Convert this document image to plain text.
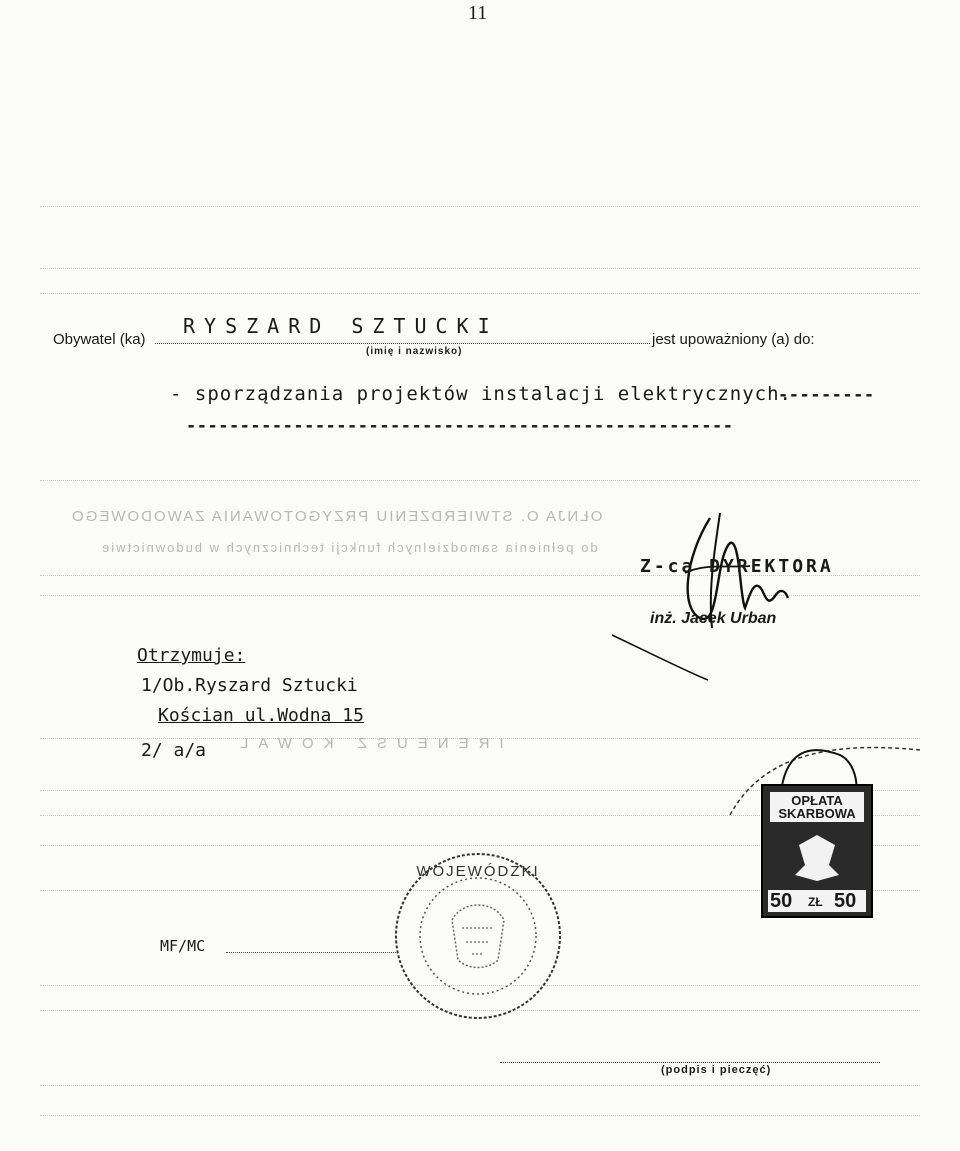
11
OŁNJA O. STWIERDZENIU PRZYGOTOWANIA ZAWODOWEGO
do pełnienia samodzielnych funkcji technicznych w budownictwie
IRENEUSZ KOWAL
Obywatel (ka)
RYSZARD SZTUCKI
(imię i nazwisko)
jest upoważniony (a) do:
- sporządzania projektów instalacji elektrycznych.
---------
---------------------------------------------------
Z-ca DYREKTORA
inż. Jacek Urban
Otrzymuje:
1/Ob.Ryszard Sztucki
Kościan ul.Wodna 15
2/ a/a
WOJEWÓDZKI
OPŁATA SKARBOWA
50 ZŁ 50
MF/MC
(podpis i pieczęć)
